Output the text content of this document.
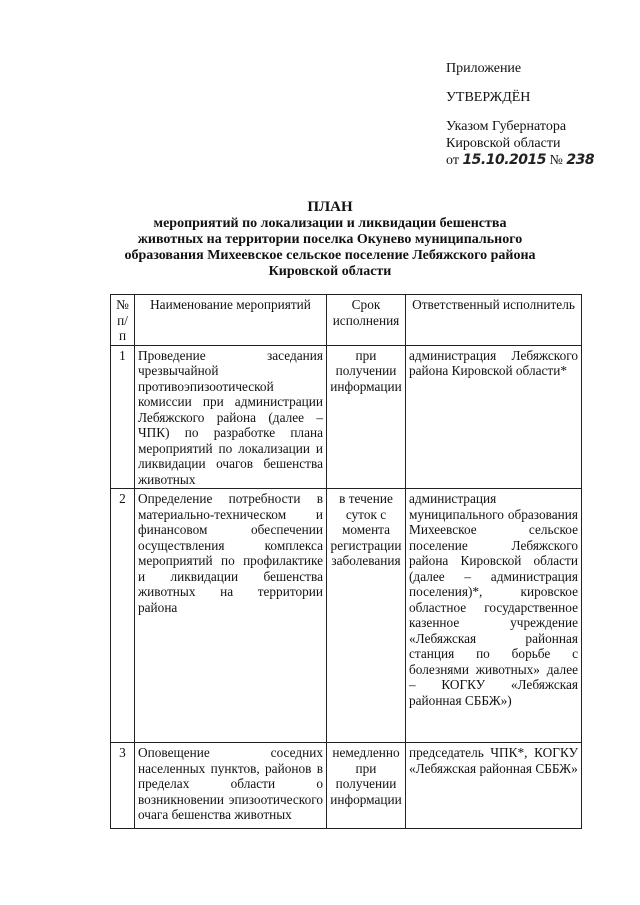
Приложение
УТВЕРЖДЁН
Указом Губернатора
Кировской области
от 15.10.2015 № 238
ПЛАН
мероприятий по локализации и ликвидации бешенства
животных на территории поселка Окунево муниципального
образования Михеевское сельское поселение Лебяжского района
Кировской области
№ п/п	Наименование мероприятий	Срок исполнения	Ответственный исполнитель
1	Проведение заседания чрезвычайной противоэпизоотической комиссии при администрации Лебяжского района (далее – ЧПК) по разработке плана мероприятий по локализации и ликвидации очагов бешенства животных	при получении информации	администрация Лебяжского района Кировской области*
2	Определение потребности в материально-техническом и финансовом обеспечении осуществления комплекса мероприятий по профилактике и ликвидации бешенства животных на территории района	в течение суток с момента регистрации заболевания	администрация муниципального образования Михеевское сельское поселение Лебяжского района Кировской области (далее – администрация поселения)*, кировское областное государственное казенное учреждение «Лебяжская районная станция по борьбе с болезнями животных» далее – КОГКУ «Лебяжская районная СББЖ»)
3	Оповещение соседних населенных пунктов, районов в пределах области о возникновении эпизоотического очага бешенства животных	немедленно при получении информации	председатель ЧПК*, КОГКУ «Лебяжская районная СББЖ»
